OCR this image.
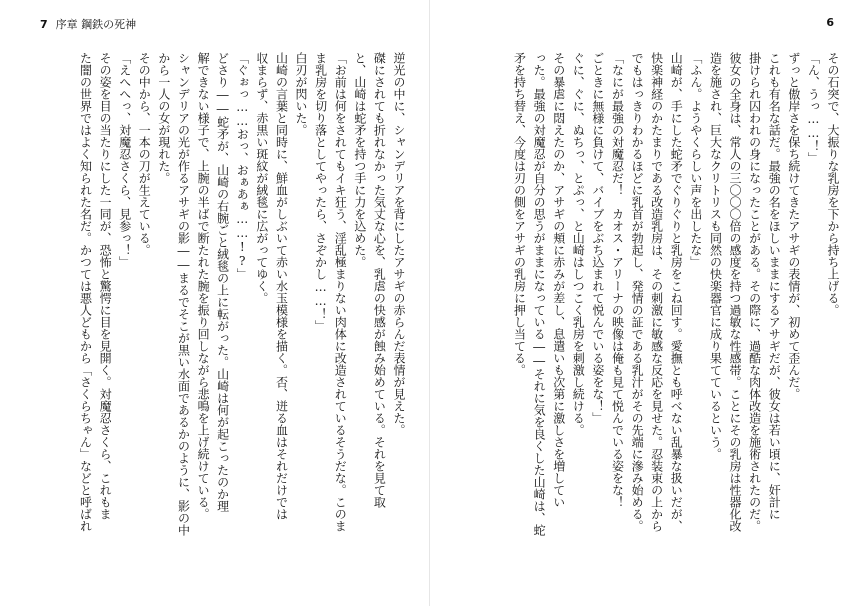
7 序章 鋼鉄の死神

逆光の中に、シャンデリアを背にしたアサギの赤らんだ表情が見えた。

磔にされても折れなかった気丈な心を、乳虐の快感が蝕み始めている。それを見て取

と、山崎は蛇矛を持つ手に力を込めた。

「お前は何をされてもイキ狂う、淫乱極まりない肉体に改造されているそうだな。このま

ま乳房を切り落としてやったら、さぞかし……！」

白刃が閃いた。

山崎の言葉と同時に、鮮血がしぶいて赤い水玉模様を描く。否、迸る血はそれだけでは

収まらず、赤黒い斑紋が絨毯に広がってゆく。

「ぐぉっ……おっ、おぁあぁ……!?」

どさり――蛇矛が、山崎の右腕ごと絨毯の上に転がった。山崎は何が起こったのか理

解できない様子で、上腕の半ばで断たれた腕を振り回しながら悲鳴を上げ続けている。

シャンデリアの光が作るアサギの影――まるでそこが黒い水面であるかのように、影の中

から一人の女が現れた。

その中から、一本の刀が生えている。

「えへへっ、対魔忍さくら、見参っ！」

その姿を目の当たりにした一同が、恐怖と驚愕に目を見開く。対魔忍さくら、これもま

た闇の世界ではよく知られた名だ。かつては悪人どもから「さくらちゃん」などと呼ばれ

6

その石突で、大振りな乳房を下から持ち上げる。

「ん、うっ……！」

ずっと傲岸さを保ち続けてきたアサギの表情が、初めて歪んだ。

これも有名な話だ。最強の名をほしいままにするアサギだが、彼女は若い頃に、奸計に

掛けられ囚われの身になったことがある。その際に、過酷な肉体改造を施術されたのだ。

彼女の全身は、常人の三〇〇〇倍の感度を持つ過敏な性感帯。ことにその乳房は性器化改

造を施され、巨大なクリトリスも同然の快楽器官に成り果てているという。

「ふん。ようやくらしい声を出したな」

山崎が、手にした蛇矛でぐりぐりと乳房をこね回す。愛撫とも呼べない乱暴な扱いだが、

快楽神経のかたまりである改造乳房は、その刺激に敏感な反応を見せた。忍装束の上から

でもはっきりわかるほどに乳首が勃起し、発情の証である乳汁がその先端に滲み始める。

「なにが最強の対魔忍だ！　カオス・アリーナの映像は俺も見て悦んでいる姿をな！

ごときに無様に負けて、バイブをぶち込まれて悦んでいる姿をな！」

ぐに、ぐに、ぬちっ、とぷっ、と山崎はしつこく乳房を刺激し続ける。

その暴虐に悶えたのか、アサギの頬に赤みが差し、息遣いも次第に激しさを増してい

った。最強の対魔忍が自分の思うがままになっている――それに気を良くした山崎は、蛇

矛を持ち替え、今度は刃の側をアサギの乳房に押し当てる。
